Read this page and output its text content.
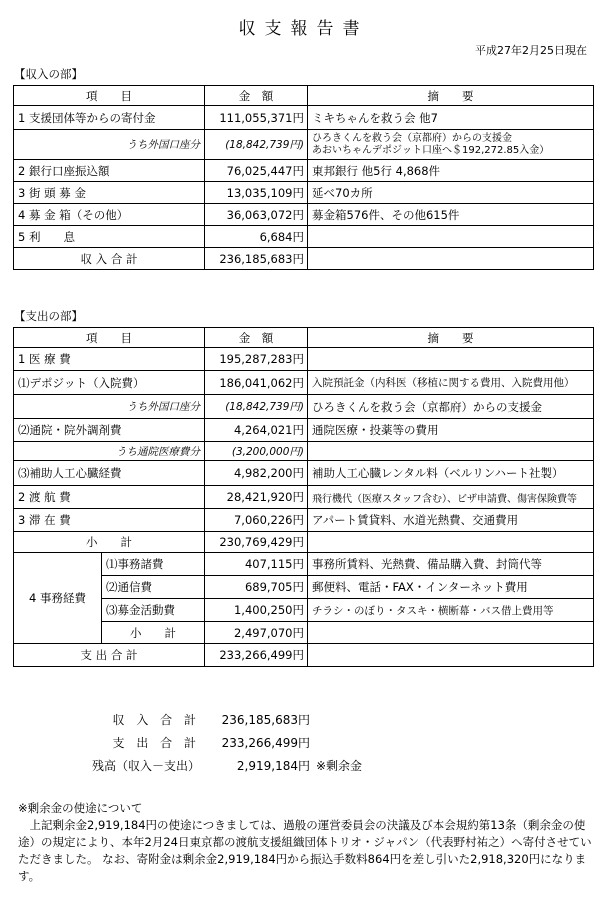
収支報告書
平成27年2月25日現在
【収入の部】
項　　目	金　額	摘　　要
1 支援団体等からの寄付金	111,055,371円	ミキちゃんを救う会 他7
うち外国口座分	(18,842,739円)	ひろきくんを救う会（京都府）からの支援金
あおいちゃんデポジット口座へ＄192,272.85入金）

2 銀行口座振込額	76,025,447円	東邦銀行 他5行 4,868件
3 街 頭 募 金	13,035,109円	延べ70カ所
4 募 金 箱（その他）	36,063,072円	募金箱576件、その他615件
5 利　　息	6,684円	
収 入 合 計	236,185,683円	
【支出の部】
項　　目		金　額	摘　　要
1 医 療 費		195,287,283円	
⑴デポジット（入院費）		186,041,062円	入院預託金（内科医（移植に関する費用、入院費用他）
うち外国口座分		(18,842,739円)	ひろきくんを救う会（京都府）からの支援金
⑵通院・院外調剤費		4,264,021円	通院医療・投薬等の費用
うち通院医療費分		(3,200,000円)	
⑶補助人工心臓経費		4,982,200円	補助人工心臓レンタル料（ベルリンハート社製）
2 渡 航 費		28,421,920円	飛行機代（医療スタッフ含む）、ビザ申請費、傷害保険費等
3 滞 在 費		7,060,226円	アパート賃貸料、水道光熱費、交通費用
小　　計		230,769,429円	
4 事務経費	⑴事務諸費	407,115円	事務所賃料、光熱費、備品購入費、封筒代等
	⑵通信費	689,705円	郵便料、電話・FAX・インターネット費用
	⑶募金活動費	1,400,250円	チラシ・のぼり・タスキ・横断幕・バス借上費用等
	小　　計	2,497,070円	
支 出 合 計		233,266,499円	
収 入 合 計	236,185,683円
支 出 合 計	233,266,499円
残高（収入－支出）	2,919,184円 ※剰余金
※剰余金の使途について
上記剰余金2,919,184円の使途につきましては、過般の運営委員会の決議及び本会規約第13条（剰余金の使途）の規定により、本年2月24日東京都の渡航支援組織団体トリオ・ジャパン（代表野村祐之）へ寄付させていただきました。 なお、寄附金は剰余金2,919,184円から振込手数料864円を差し引いた2,918,320円になります。
